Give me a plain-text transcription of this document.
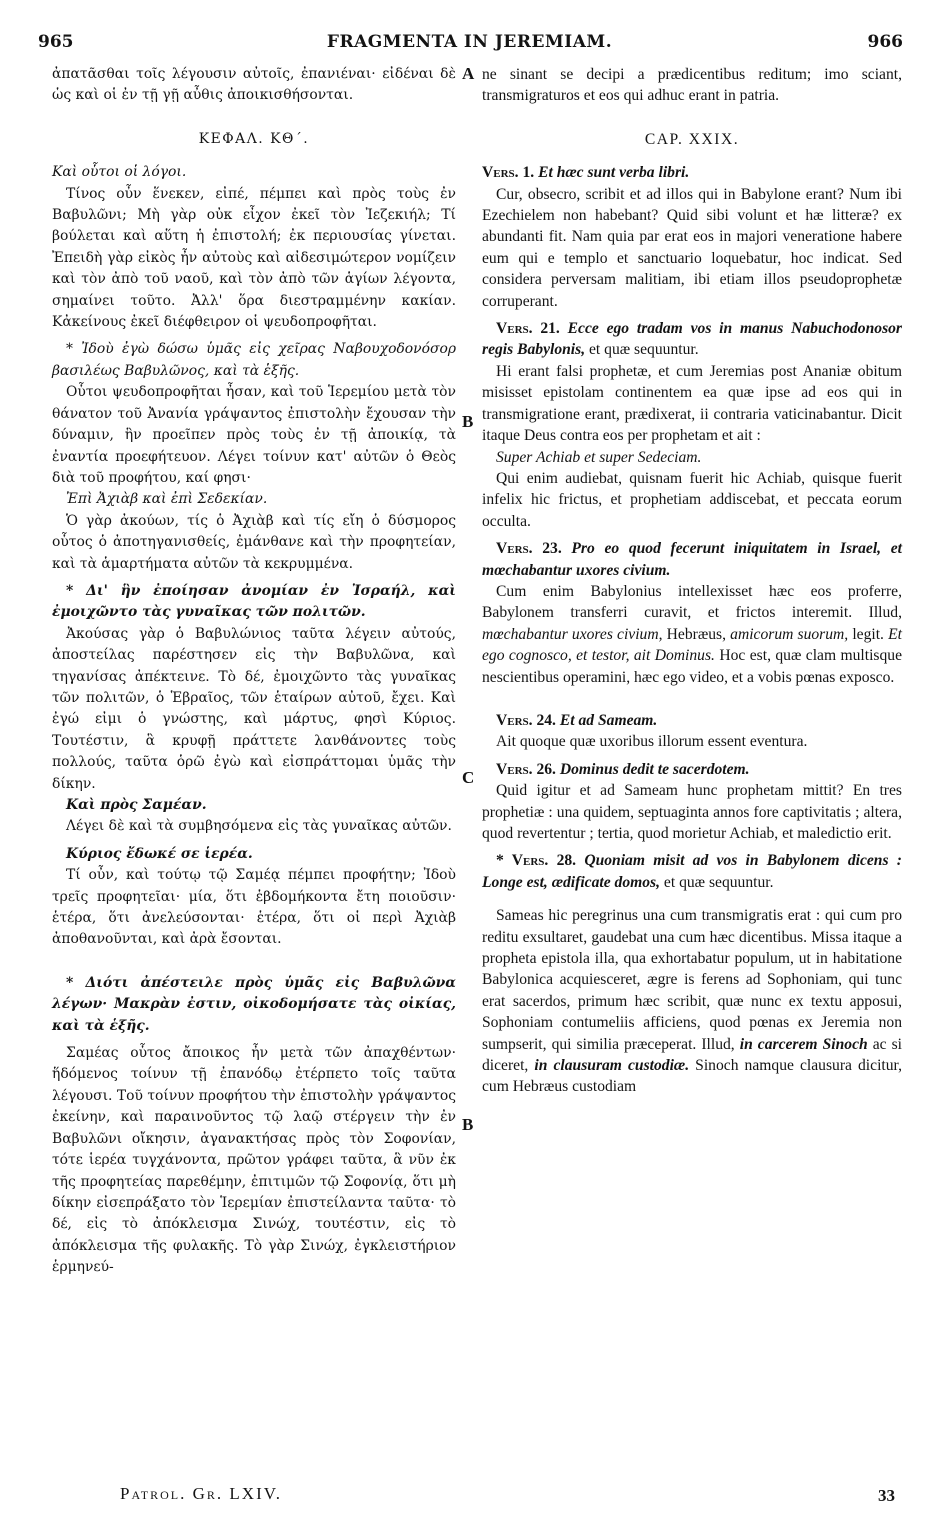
965	FRAGMENTA IN JEREMIAM.	966
A
B
C
B

ἀπατᾶσθαι τοῖς λέγουσιν αὐτοῖς, ἐπανιέναι· εἰδέναι δὲ ὡς καὶ οἱ ἐν τῇ γῇ αὖθις ἀποικισθήσονται.

ΚΕΦΑΛ. ΚΘ΄.

Καὶ οὗτοι οἱ λόγοι.

Τίνος οὖν ἕνεκεν, εἰπέ, πέμπει καὶ πρὸς τοὺς ἐν Βαβυλῶνι; Μὴ γὰρ οὐκ εἶχον ἐκεῖ τὸν Ἰεζεκιήλ; Τί βούλεται καὶ αὕτη ἡ ἐπιστολή; ἐκ περιουσίας γίνεται. Ἐπειδὴ γὰρ εἰκὸς ἦν αὐτοὺς καὶ αἰδεσιμώτερον νομίζειν καὶ τὸν ἀπὸ τοῦ ναοῦ, καὶ τὸν ἀπὸ τῶν ἁγίων λέγοντα, σημαίνει τοῦτο. Ἀλλ' ὅρα διεστραμμένην κακίαν. Κἀκείνους ἐκεῖ διέφθειρον οἱ ψευδοπροφῆται.

* Ἰδοὺ ἐγὼ δώσω ὑμᾶς εἰς χεῖρας Ναβουχοδονόσορ βασιλέως Βαβυλῶνος, καὶ τὰ ἑξῆς.

Οὗτοι ψευδοπροφῆται ἦσαν, καὶ τοῦ Ἱερεμίου μετὰ τὸν θάνατον τοῦ Ἀνανία γράψαντος ἐπιστολὴν ἔχουσαν τὴν δύναμιν, ἣν προεῖπεν πρὸς τοὺς ἐν τῇ ἀποικίᾳ, τὰ ἐναντία προεφήτευον. Λέγει τοίνυν κατ' αὐτῶν ὁ Θεὸς διὰ τοῦ προφήτου, καί φησι·

Ἐπὶ Ἀχιὰβ καὶ ἐπὶ Σεδεκίαν.

Ὁ γὰρ ἀκούων, τίς ὁ Ἀχιὰβ καὶ τίς εἴη ὁ δύσμορος οὗτος ὁ ἀποτηγανισθείς, ἐμάνθανε καὶ τὴν προφητείαν, καὶ τὰ ἁμαρτήματα αὐτῶν τὰ κεκρυμμένα.

* Δι' ἣν ἐποίησαν ἀνομίαν ἐν Ἰσραήλ, καὶ ἐμοιχῶντο τὰς γυναῖκας τῶν πολιτῶν.

Ἀκούσας γὰρ ὁ Βαβυλώνιος ταῦτα λέγειν αὐτούς, ἀποστείλας παρέστησεν εἰς τὴν Βαβυλῶνα, καὶ τηγανίσας ἀπέκτεινε. Τὸ δέ, ἐμοιχῶντο τὰς γυναῖκας τῶν πολιτῶν, ὁ Ἑβραῖος, τῶν ἑταίρων αὐτοῦ, ἔχει. Καὶ ἐγώ εἰμι ὁ γνώστης, καὶ μάρτυς, φησὶ Κύριος. Τουτέστιν, ἃ κρυφῇ πράττετε λανθάνοντες τοὺς πολλούς, ταῦτα ὁρῶ ἐγὼ καὶ εἰσπράττομαι ὑμᾶς τὴν δίκην.

Καὶ πρὸς Σαμέαν.

Λέγει δὲ καὶ τὰ συμβησόμενα εἰς τὰς γυναῖκας αὐτῶν.

Κύριος ἔδωκέ σε ἱερέα.

Τί οὖν, καὶ τούτῳ τῷ Σαμέᾳ πέμπει προφήτην; Ἰδοὺ τρεῖς προφητεῖαι· μία, ὅτι ἑβδομήκοντα ἔτη ποιοῦσιν· ἑτέρα, ὅτι ἀνελεύσονται· ἑτέρα, ὅτι οἱ περὶ Ἀχιὰβ ἀποθανοῦνται, καὶ ἀρὰ ἔσονται.

* Διότι ἀπέστειλε πρὸς ὑμᾶς εἰς Βαβυλῶνα λέγων· Μακρὰν ἐστιν, οἰκοδομήσατε τὰς οἰκίας, καὶ τὰ ἑξῆς.

Σαμέας οὗτος ἄποικος ἦν μετὰ τῶν ἀπαχθέντων· ἥδόμενος τοίνυν τῇ ἐπανόδῳ ἐτέρπετο τοῖς ταῦτα λέγουσι. Τοῦ τοίνυν προφήτου τὴν ἐπιστολὴν γράψαντος ἐκείνην, καὶ παραινοῦντος τῷ λαῷ στέργειν τὴν ἐν Βαβυλῶνι οἴκησιν, ἀγανακτήσας πρὸς τὸν Σοφονίαν, τότε ἱερέα τυγχάνοντα, πρῶτον γράφει ταῦτα, ἃ νῦν ἐκ τῆς προφητείας παρεθέμην, ἐπιτιμῶν τῷ Σοφονίᾳ, ὅτι μὴ δίκην εἰσεπράξατο τὸν Ἱερεμίαν ἐπιστείλαντα ταῦτα· τὸ δέ, εἰς τὸ ἀπόκλεισμα Σινώχ, τουτέστιν, εἰς τὸ ἀπόκλεισμα τῆς φυλακῆς. Τὸ γὰρ Σινώχ, ἐγκλειστήριον ἑρμηνεύ-

ne sinant se decipi a prædicentibus reditum; imo sciant, transmigraturos et eos qui adhuc erant in patria.

CAP. XXIX.

Vers. 1. Et hæc sunt verba libri.

Cur, obsecro, scribit et ad illos qui in Babylone erant? Num ibi Ezechielem non habebant? Quid sibi volunt et hæ litteræ? ex abundanti fit. Nam quia par erat eos in majori veneratione habere eum qui e templo et sanctuario loquebatur, hoc indicat. Sed considera perversam malitiam, ibi etiam illos pseudoprophetæ corruperant.

Vers. 21. Ecce ego tradam vos in manus Nabuchodonosor regis Babylonis, et quæ sequuntur.

Hi erant falsi prophetæ, et cum Jeremias post Ananiæ obitum misisset epistolam continentem ea quæ ipse ad eos qui in transmigratione erant, prædixerat, ii contraria vaticinabantur. Dicit itaque Deus contra eos per prophetam et ait :

Super Achiab et super Sedeciam.

Qui enim audiebat, quisnam fuerit hic Achiab, quisque fuerit infelix hic frictus, et prophetiam addiscebat, et peccata eorum occulta.

Vers. 23. Pro eo quod fecerunt iniquitatem in Israel, et mœchabantur uxores civium.

Cum enim Babylonius intellexisset hæc eos proferre, Babylonem transferri curavit, et frictos interemit. Illud, mœchabantur uxores civium, Hebræus, amicorum suorum, legit. Et ego cognosco, et testor, ait Dominus. Hoc est, quæ clam multisque nescientibus operamini, hæc ego video, et a vobis pœnas exposco.

Vers. 24. Et ad Sameam.

Ait quoque quæ uxoribus illorum essent eventura.

Vers. 26. Dominus dedit te sacerdotem.

Quid igitur et ad Sameam hunc prophetam mittit? En tres prophetiæ : una quidem, septuaginta annos fore captivitatis ; altera, quod revertentur ; tertia, quod morietur Achiab, et maledictio erit.

* Vers. 28. Quoniam misit ad vos in Babylonem dicens : Longe est, ædificate domos, et quæ sequuntur.

Sameas hic peregrinus una cum transmigratis erat : qui cum pro reditu exsultaret, gaudebat una cum hæc dicentibus. Missa itaque a propheta epistola illa, qua exhortabatur populum, ut in habitatione Babylonica acquiesceret, ægre is ferens ad Sophoniam, qui tunc erat sacerdos, primum hæc scribit, quæ nunc ex textu apposui, Sophoniam contumeliis afficiens, quod pœnas ex Jeremia non sumpserit, qui similia præceperat. Illud, in carcerem Sinoch ac si diceret, in clausuram custodiæ. Sinoch namque clausura dicitur, cum Hebræus custodiam

Patrol. Gr. LXIV.	33
